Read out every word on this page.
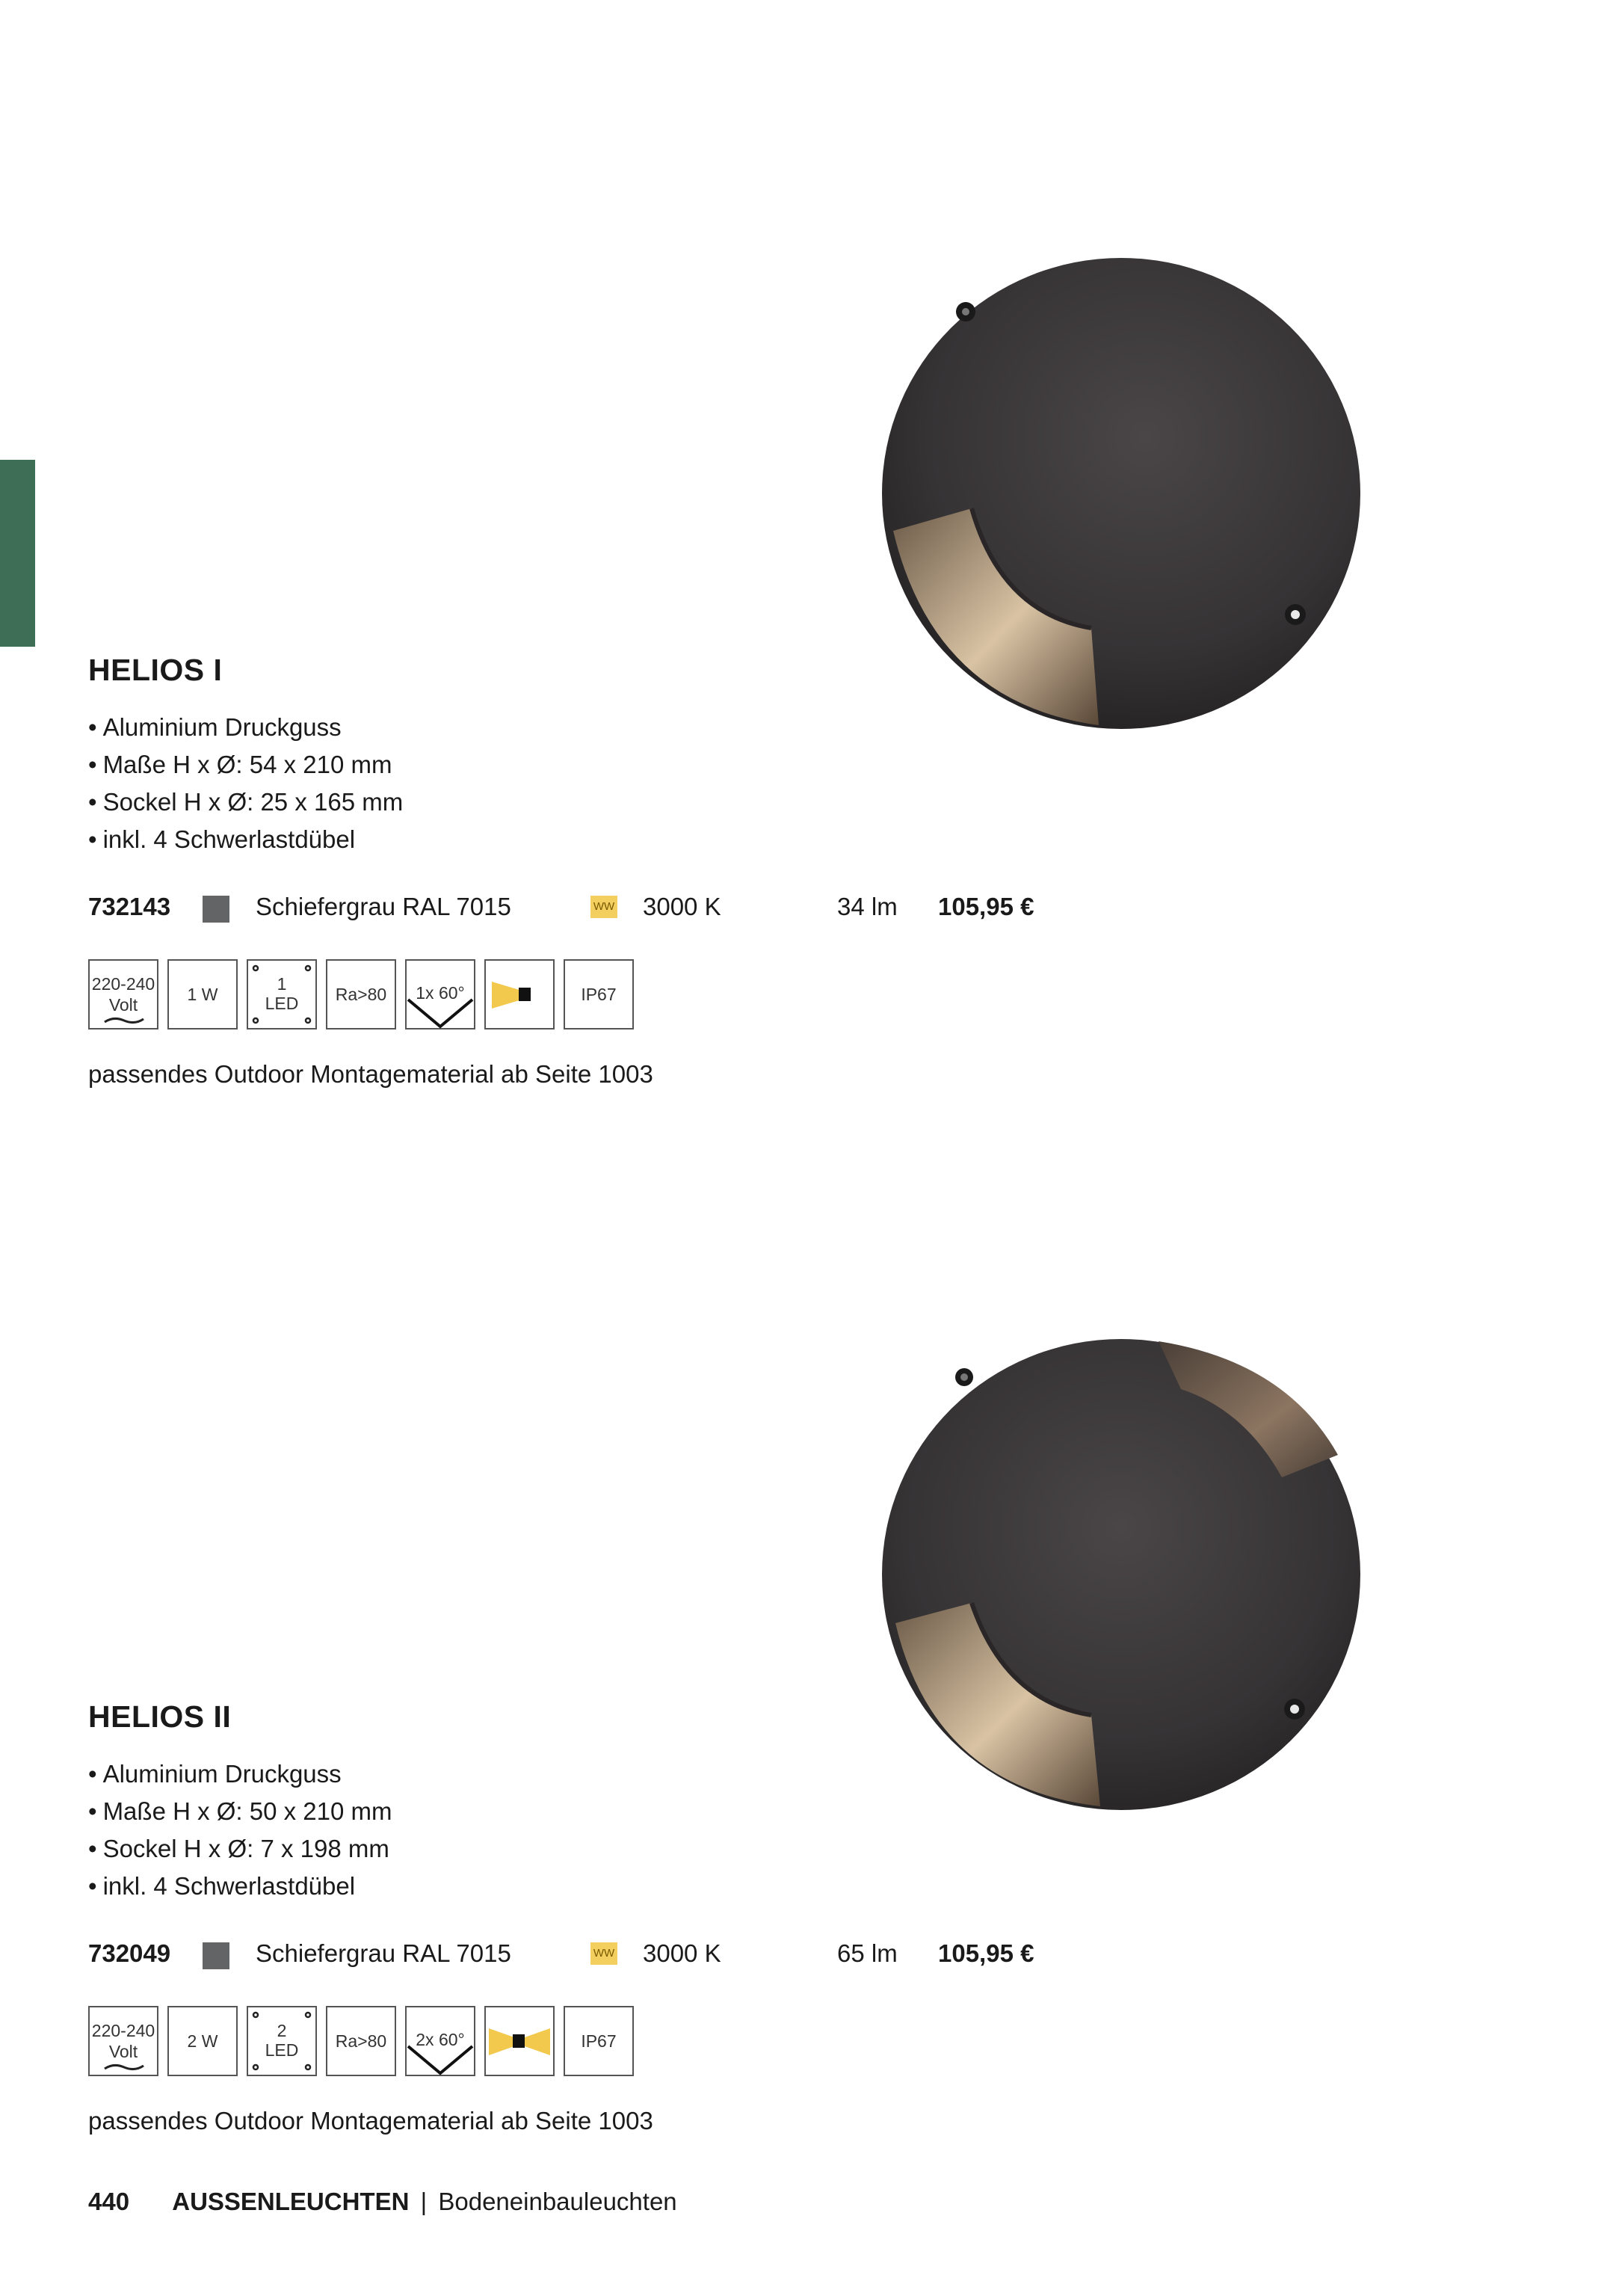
HELIOS I
• Aluminium Druckguss
• Maße H x Ø: 54 x 210 mm
• Sockel H x Ø: 25 x 165 mm
• inkl. 4 Schwerlastdübel
732143	Schiefergrau RAL 7015	WW 3000 K	34 lm 105,95 €
220-240
Volt
1 W
1
LED	Ra>80	1x 60°	IP67
passendes Outdoor Montagematerial ab Seite 1003
HELIOS II
• Aluminium Druckguss
• Maße H x Ø: 50 x 210 mm
• Sockel H x Ø: 7 x 198 mm
• inkl. 4 Schwerlastdübel
732049	Schiefergrau RAL 7015	WW 3000 K	65 lm 105,95 €
220-240
Volt
2 W
2
LED	Ra>80	2x 60°	IP67
passendes Outdoor Montagematerial ab Seite 1003
440 AUSSENLEUCHTEN | Bodeneinbauleuchten
